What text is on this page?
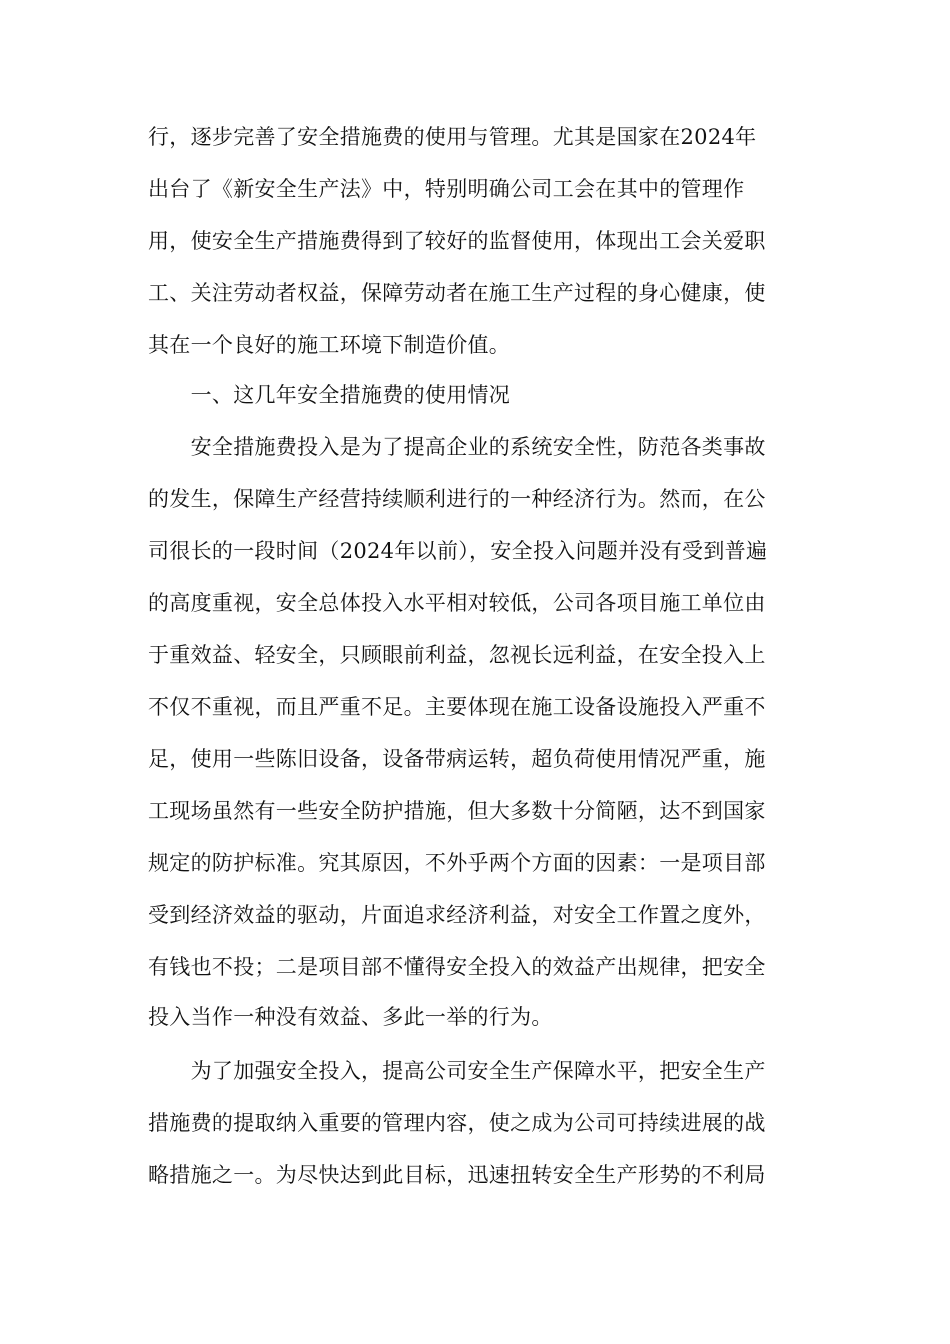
行，逐步完善了安全措施费的使用与管理。尤其是国家在2024年
出台了《新安全生产法》中，特别明确公司工会在其中的管理作
用，使安全生产措施费得到了较好的监督使用，体现出工会关爱职
工、关注劳动者权益，保障劳动者在施工生产过程的身心健康，使
其在一个良好的施工环境下制造价值。
　　一、这几年安全措施费的使用情况
　　安全措施费投入是为了提高企业的系统安全性，防范各类事故
的发生，保障生产经营持续顺利进行的一种经济行为。然而，在公
司很长的一段时间（2024年以前），安全投入问题并没有受到普遍
的高度重视，安全总体投入水平相对较低，公司各项目施工单位由
于重效益、轻安全，只顾眼前利益，忽视长远利益，在安全投入上
不仅不重视，而且严重不足。主要体现在施工设备设施投入严重不
足，使用一些陈旧设备，设备带病运转，超负荷使用情况严重，施
工现场虽然有一些安全防护措施，但大多数十分简陋，达不到国家
规定的防护标准。究其原因，不外乎两个方面的因素：一是项目部
受到经济效益的驱动，片面追求经济利益，对安全工作置之度外，
有钱也不投；二是项目部不懂得安全投入的效益产出规律，把安全
投入当作一种没有效益、多此一举的行为。
　　为了加强安全投入，提高公司安全生产保障水平，把安全生产
措施费的提取纳入重要的管理内容，使之成为公司可持续进展的战
略措施之一。为尽快达到此目标，迅速扭转安全生产形势的不利局
